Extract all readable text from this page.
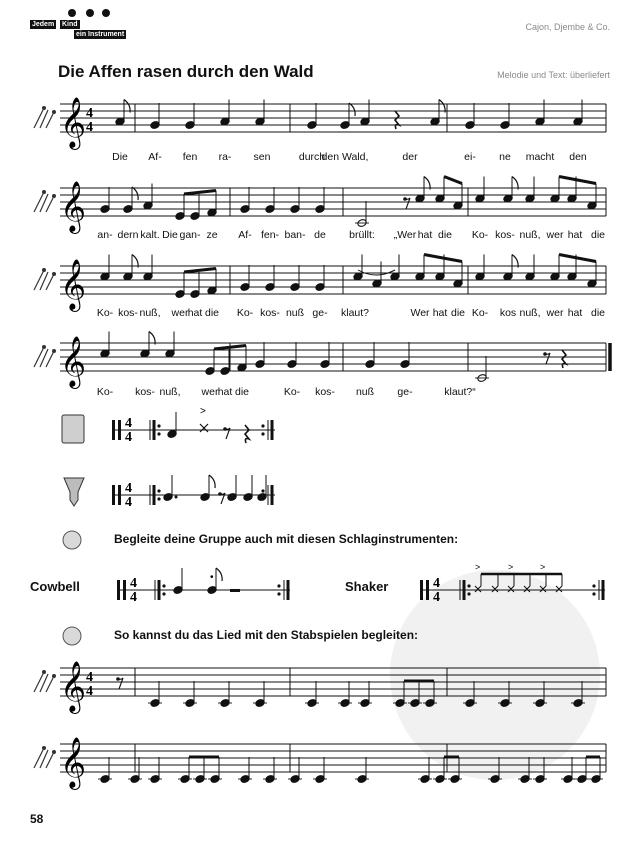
Jedem Kind
ein Instrument
Cajon, Djembe & Co.
Die Affen rasen durch den Wald	Melodie und Text: überliefert
𝄞 4
4
𝄞
𝄞
𝄞
4
4
>
4
4
4
4
•	4
4
>	>	>
𝄞 4
4
𝄞
Die Af- fen ra- sen	durch
den Wald,	der	ei- ne macht den
an- dern kalt. Die gan- ze Af- fen- ban- de brüllt: „Wer hat die Ko- kos- nuß, wer hat die
Ko- kos- nuß, wer hat die Ko- kos- nuß ge- klaut?	Wer hat die Ko- kos nuß, wer hat die
Ko- kos- nuß, wer hat die	Ko- kos- nuß ge-	klaut?“
Begleite deine Gruppe auch mit diesen Schlaginstrumenten:
So kannst du das Lied mit den Stabspielen begleiten:
Cowbell	Shaker
58
